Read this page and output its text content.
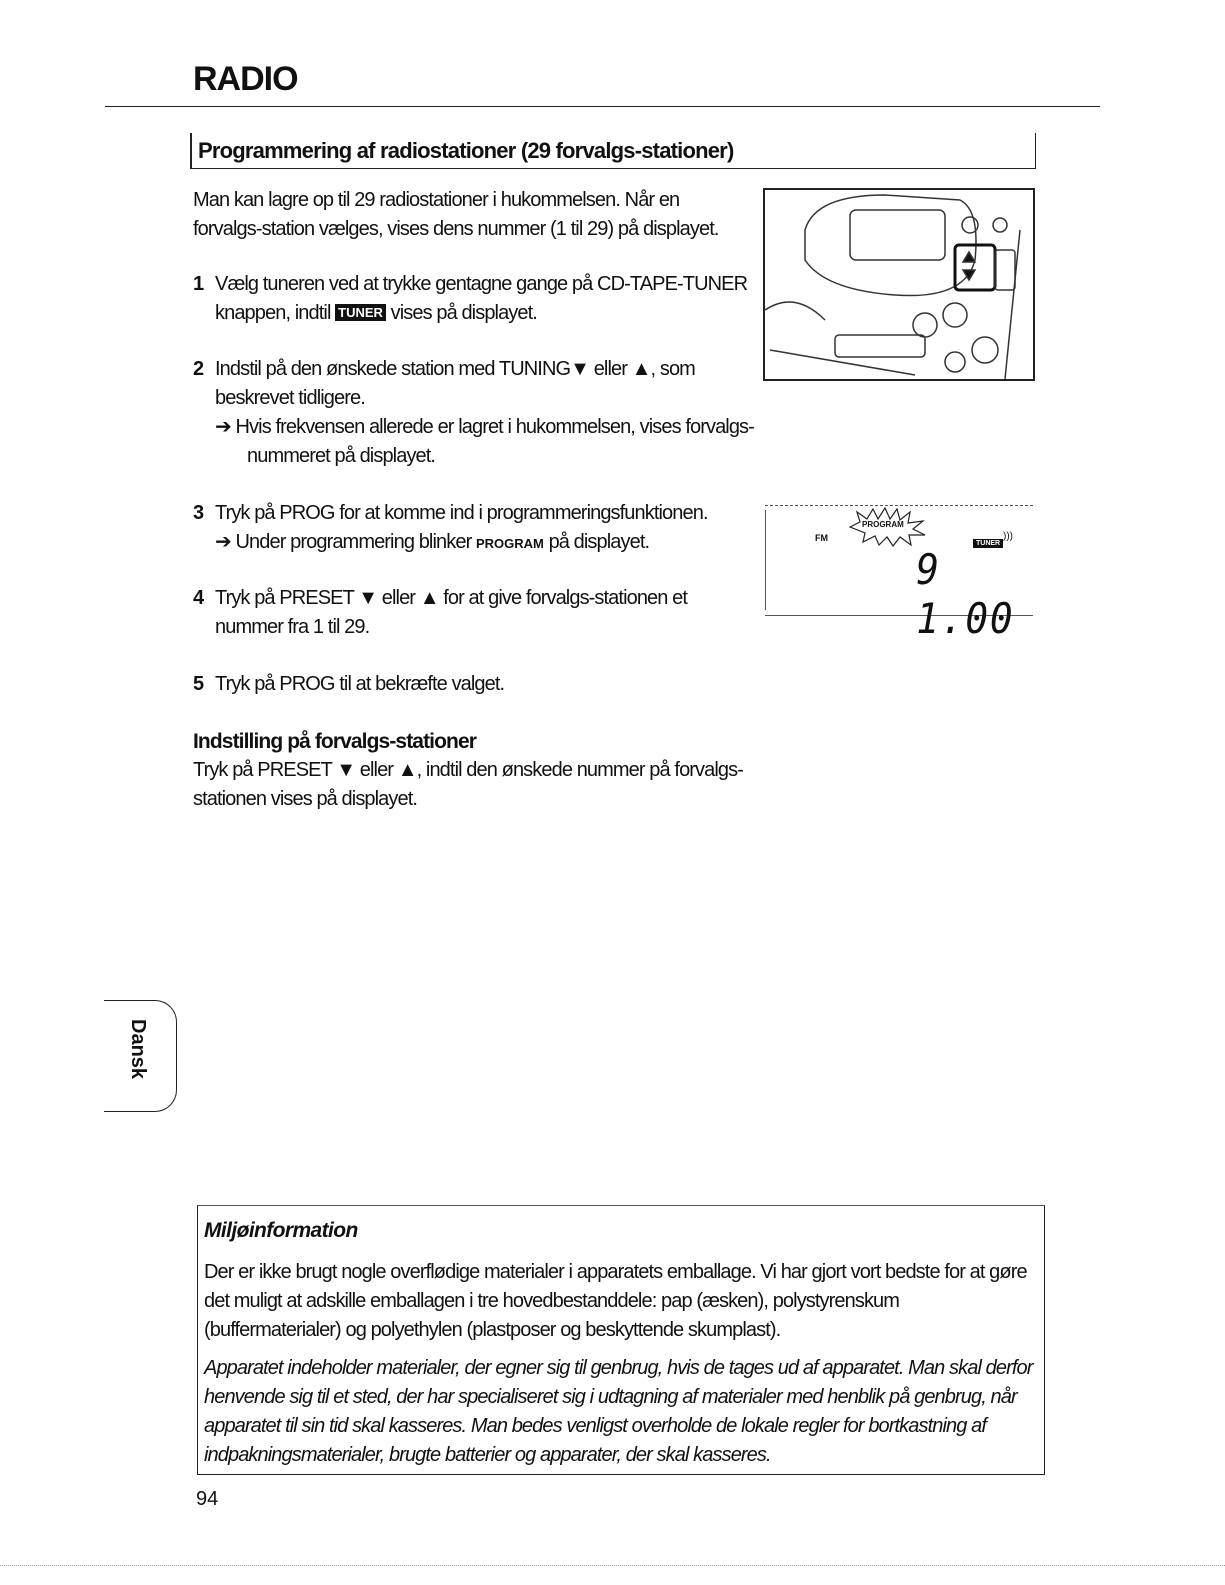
RADIO
Programmering af radiostationer (29 forvalgs-stationer)
Man kan lagre op til 29 radiostationer i hukommelsen. Når en
forvalgs-station vælges, vises dens nummer (1 til 29) på displayet.
1 Vælg tuneren ved at trykke gentagne gange på CD-TAPE-TUNER
knappen, indtil TUNER vises på displayet.
2 Indstil på den ønskede station med TUNING▼ eller ▲, som
beskrevet tidligere.
➔ Hvis frekvensen allerede er lagret i hukommelsen, vises forvalgs-nummeret på displayet.
3 Tryk på PROG for at komme ind i programmeringsfunktionen.
➔ Under programmering blinker PROGRAM på displayet.
4 Tryk på PRESET ▼ eller ▲ for at give forvalgs-stationen et
nummer fra 1 til 29.
5 Tryk på PROG til at bekræfte valget.
Indstilling på forvalgs-stationer
Tryk på PRESET ▼ eller ▲, indtil den ønskede nummer på forvalgs-
stationen vises på displayet.
FM
PROGRAM
TUNER
)))
9 1.00
Dansk
Miljøinformation
Der er ikke brugt nogle overflødige materialer i apparatets emballage. Vi har gjort vort bedste for at gøre det muligt at adskille emballagen i tre hovedbestanddele: pap (æsken), polystyrenskum (buffermaterialer) og polyethylen (plastposer og beskyttende skumplast).
Apparatet indeholder materialer, der egner sig til genbrug, hvis de tages ud af apparatet. Man skal derfor henvende sig til et sted, der har specialiseret sig i udtagning af materialer med henblik på genbrug, når apparatet til sin tid skal kasseres. Man bedes venligst overholde de lokale regler for bortkastning af indpakningsmaterialer, brugte batterier og apparater, der skal kasseres.
94
